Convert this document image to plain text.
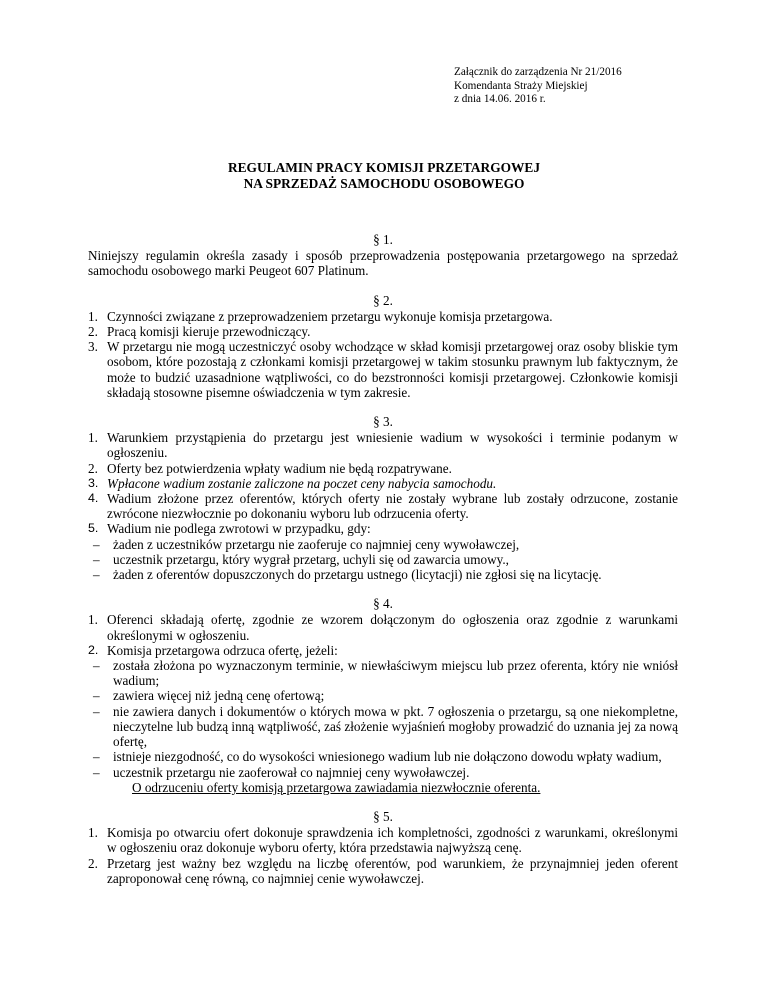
Załącznik do zarządzenia Nr 21/2016
Komendanta Straży Miejskiej
z dnia 14.06. 2016 r.
REGULAMIN PRACY KOMISJI PRZETARGOWEJ
NA SPRZEDAŻ SAMOCHODU OSOBOWEGO
§ 1.

Niniejszy regulamin określa zasady i sposób przeprowadzenia postępowania przetargowego na sprzedaż samochodu osobowego marki Peugeot 607 Platinum.

§ 2.
1. Czynności związane z przeprowadzeniem przetargu wykonuje komisja przetargowa.
2. Pracą komisji kieruje przewodniczący.
3. W przetargu nie mogą uczestniczyć osoby wchodzące w skład komisji przetargowej oraz osoby bliskie tym osobom, które pozostają z członkami komisji przetargowej w takim stosunku prawnym lub faktycznym, że może to budzić uzasadnione wątpliwości, co do bezstronności komisji przetargowej. Członkowie komisji składają stosowne pisemne oświadczenia w tym zakresie.
§ 3.
1. Warunkiem przystąpienia do przetargu jest wniesienie wadium w wysokości i terminie podanym w ogłoszeniu.
2. Oferty bez potwierdzenia wpłaty wadium nie będą rozpatrywane.
3. Wpłacone wadium zostanie zaliczone na poczet ceny nabycia samochodu.
4. Wadium złożone przez oferentów, których oferty nie zostały wybrane lub zostały odrzucone, zostanie zwrócone niezwłocznie po dokonaniu wyboru lub odrzucenia oferty.
5. Wadium nie podlega zwrotowi w przypadku, gdy:
–	żaden z uczestników przetargu nie zaoferuje co najmniej ceny wywoławczej,
–	uczestnik przetargu, który wygrał przetarg, uchyli się od zawarcia umowy.,
–	żaden z oferentów dopuszczonych do przetargu ustnego (licytacji) nie zgłosi się na licytację.
§ 4.
1. Oferenci składają ofertę, zgodnie ze wzorem dołączonym do ogłoszenia oraz zgodnie z warunkami określonymi w ogłoszeniu.
2. Komisja przetargowa odrzuca ofertę, jeżeli:
–	została złożona po wyznaczonym terminie, w niewłaściwym miejscu lub przez oferenta, który nie wniósł wadium;
–	zawiera więcej niż jedną cenę ofertową;
–	nie zawiera danych i dokumentów o których mowa w pkt. 7 ogłoszenia o przetargu, są one niekompletne, nieczytelne lub budzą inną wątpliwość, zaś złożenie wyjaśnień mogłoby prowadzić do uznania jej za nową ofertę,
–	istnieje niezgodność, co do wysokości wniesionego wadium lub nie dołączono dowodu wpłaty wadium,
–	uczestnik przetargu nie zaoferował co najmniej ceny wywoławczej.
O odrzuceniu oferty komisją przetargowa zawiadamia niezwłocznie oferenta.
§ 5.
1. Komisja po otwarciu ofert dokonuje sprawdzenia ich kompletności, zgodności z warunkami, określonymi w ogłoszeniu oraz dokonuje wyboru oferty, która przedstawia najwyższą cenę.
2. Przetarg jest ważny bez względu na liczbę oferentów, pod warunkiem, że przynajmniej jeden oferent zaproponował cenę równą, co najmniej cenie wywoławczej.
